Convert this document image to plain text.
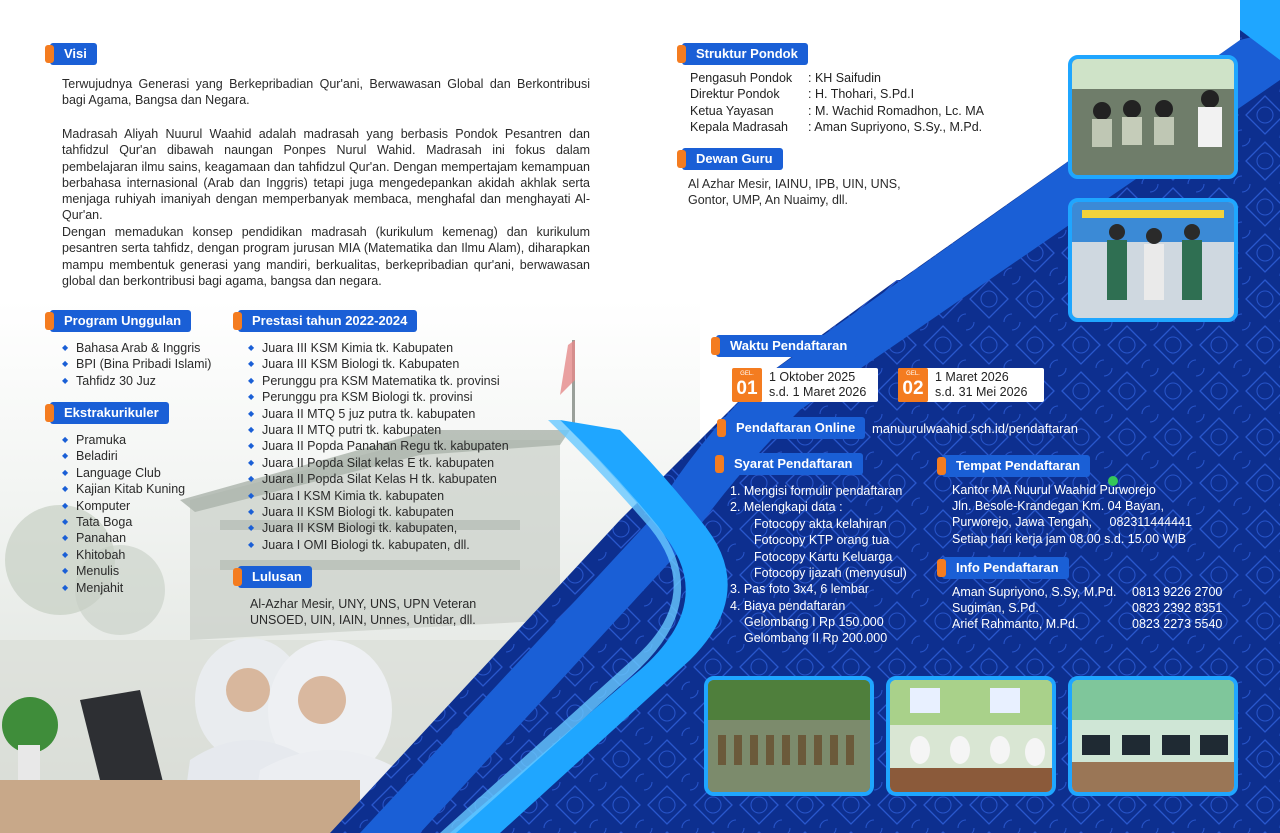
Visi
Terwujudnya Generasi yang Berkepribadian Qur'ani, Berwawasan Global dan Berkontribusi bagi Agama, Bangsa dan Negara.
Madrasah Aliyah Nuurul Waahid adalah madrasah yang berbasis Pondok Pesantren dan tahfidzul Qur'an dibawah naungan Ponpes Nurul Wahid. Madrasah ini fokus dalam pembelajaran ilmu sains, keagamaan dan tahfidzul Qur'an. Dengan mempertajam kemampuan berbahasa internasional (Arab dan Inggris) tetapi juga mengedepankan akidah akhlak serta menjaga ruhiyah imaniyah dengan memperbanyak membaca, menghafal dan menghayati Al-Qur'an.
Dengan memadukan konsep pendidikan madrasah (kurikulum kemenag) dan kurikulum pesantren serta tahfidz, dengan program jurusan MIA (Matematika dan Ilmu Alam), diharapkan mampu membentuk generasi yang mandiri, berkualitas, berkepribadian qur'ani, berwawasan global dan berkontribusi bagi agama, bangsa dan negara.
Program Unggulan
◆ Bahasa Arab & Inggris
◆ BPI (Bina Pribadi Islami)
◆ Tahfidz 30 Juz
Ekstrakurikuler
◆ Pramuka
◆ Beladiri
◆ Language Club
◆ Kajian Kitab Kuning
◆ Komputer
◆ Tata Boga
◆ Panahan
◆ Khitobah
◆ Menulis
◆ Menjahit
Prestasi tahun 2022-2024
◆ Juara III KSM Kimia tk. Kabupaten
◆ Juara III KSM Biologi tk. Kabupaten
◆ Perunggu pra KSM Matematika tk. provinsi
◆ Perunggu pra KSM Biologi tk. provinsi
◆ Juara II MTQ 5 juz putra tk. kabupaten
◆ Juara II MTQ putri tk. kabupaten
◆ Juara II Popda Panahan Regu tk. kabupaten
◆ Juara II Popda Silat kelas E tk. kabupaten
◆ Juara II Popda Silat Kelas H tk. kabupaten
◆ Juara I KSM Kimia tk. kabupaten
◆ Juara II KSM Biologi tk. kabupaten
◆ Juara II KSM Biologi tk. kabupaten,
◆ Juara I OMI Biologi tk. kabupaten, dll.
Lulusan
Al-Azhar Mesir, UNY, UNS, UPN Veteran
UNSOED, UIN, IAIN, Unnes, Untidar, dll.
Struktur Pondok
Pengasuh Pondok : KH Saifudin
Direktur Pondok : H. Thohari, S.Pd.I
Ketua Yayasan	: M. Wachid Romadhon, Lc. MA
Kepala Madrasah : Aman Supriyono, S.Sy., M.Pd.
Dewan Guru
Al Azhar Mesir, IAINU, IPB, UIN, UNS,
Gontor, UMP, An Nuaimy, dll.
Waktu Pendaftaran
GEL.
01
1 Oktober 2025
s.d. 1 Maret 2026
GEL.
02
1 Maret 2026
s.d. 31 Mei 2026
Pendaftaran Online	manuurulwaahid.sch.id/pendaftaran
Syarat Pendaftaran
1. Mengisi formulir pendaftaran
2. Melengkapi data :
Fotocopy akta kelahiran
Fotocopy KTP orang tua
Fotocopy Kartu Keluarga
Fotocopy ijazah (menyusul)
3. Pas foto 3x4, 6 lembar
4. Biaya pendaftaran
Gelombang I Rp 150.000
Gelombang II Rp 200.000
Tempat Pendaftaran
Kantor MA Nuurul Waahid Purworejo
Jln. Besole-Krandegan Km. 04 Bayan,
Purworejo, Jawa Tengah,     082311444441
Setiap hari kerja jam 08.00 s.d. 15.00 WIB
Info Pendaftaran
Aman Supriyono, S.Sy, M.Pd. 0813 9226 2700
Sugiman, S.Pd.	0823 2392 8351
Arief Rahmanto, M.Pd.	0823 2273 5540
